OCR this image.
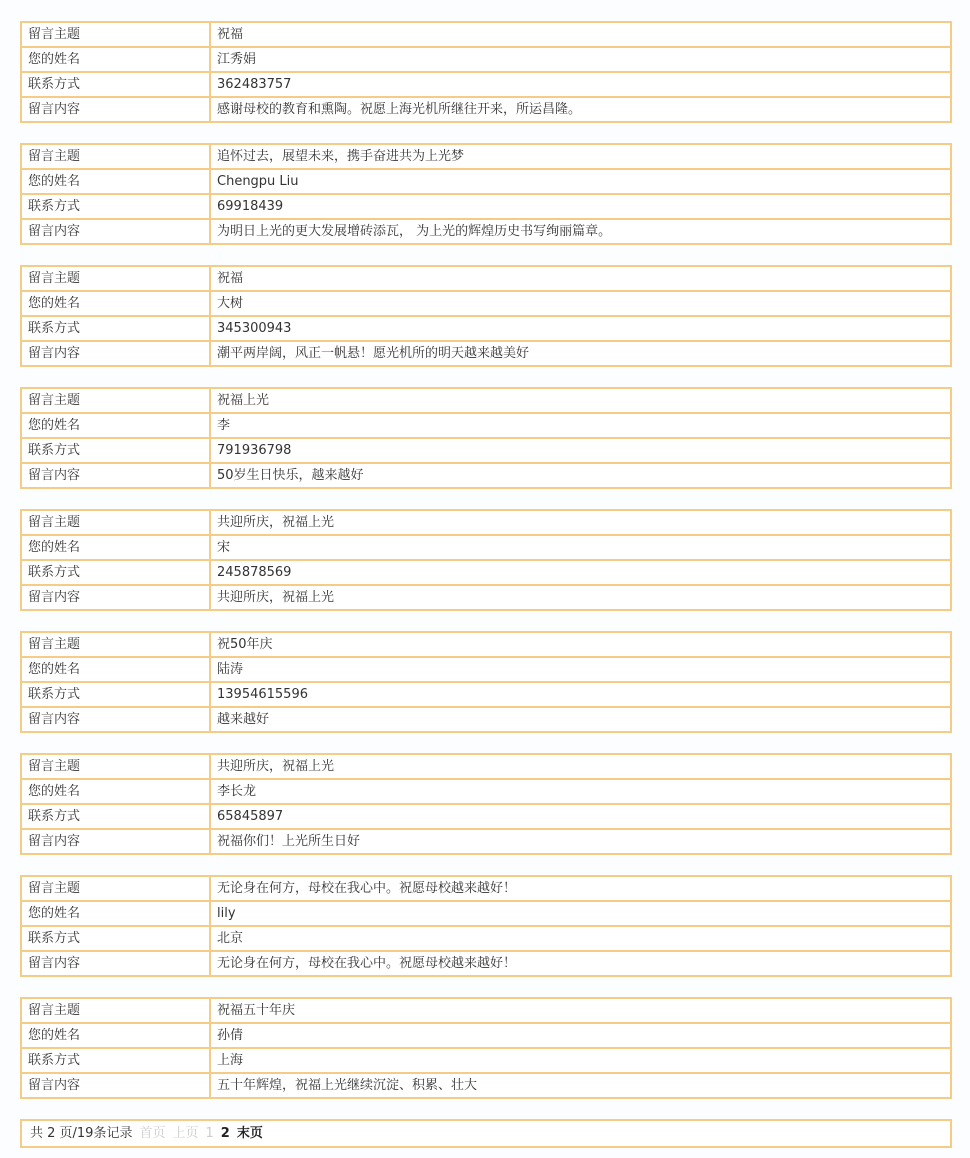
留言主题	祝福
您的姓名	江秀娟
联系方式	362483757
留言内容	感谢母校的教育和熏陶。祝愿上海光机所继往开来，所运昌隆。
留言主题	追怀过去，展望未来，携手奋进共为上光梦
您的姓名	Chengpu Liu
联系方式	69918439
留言内容	为明日上光的更大发展增砖添瓦， 为上光的辉煌历史书写绚丽篇章。
留言主题	祝福
您的姓名	大树
联系方式	345300943
留言内容	潮平两岸阔，风正一帆悬！愿光机所的明天越来越美好
留言主题	祝福上光
您的姓名	李
联系方式	791936798
留言内容	50岁生日快乐，越来越好
留言主题	共迎所庆，祝福上光
您的姓名	宋
联系方式	245878569
留言内容	共迎所庆，祝福上光
留言主题	祝50年庆
您的姓名	陆涛
联系方式	13954615596
留言内容	越来越好
留言主题	共迎所庆，祝福上光
您的姓名	李长龙
联系方式	65845897
留言内容	祝福你们！上光所生日好
留言主题	无论身在何方，母校在我心中。祝愿母校越来越好！
您的姓名	lily
联系方式	北京
留言内容	无论身在何方，母校在我心中。祝愿母校越来越好！
留言主题	祝福五十年庆
您的姓名	孙倩
联系方式	上海
留言内容	五十年辉煌，祝福上光继续沉淀、积累、壮大
共 2 页/19条记录 首页 上页 1 2 末页
